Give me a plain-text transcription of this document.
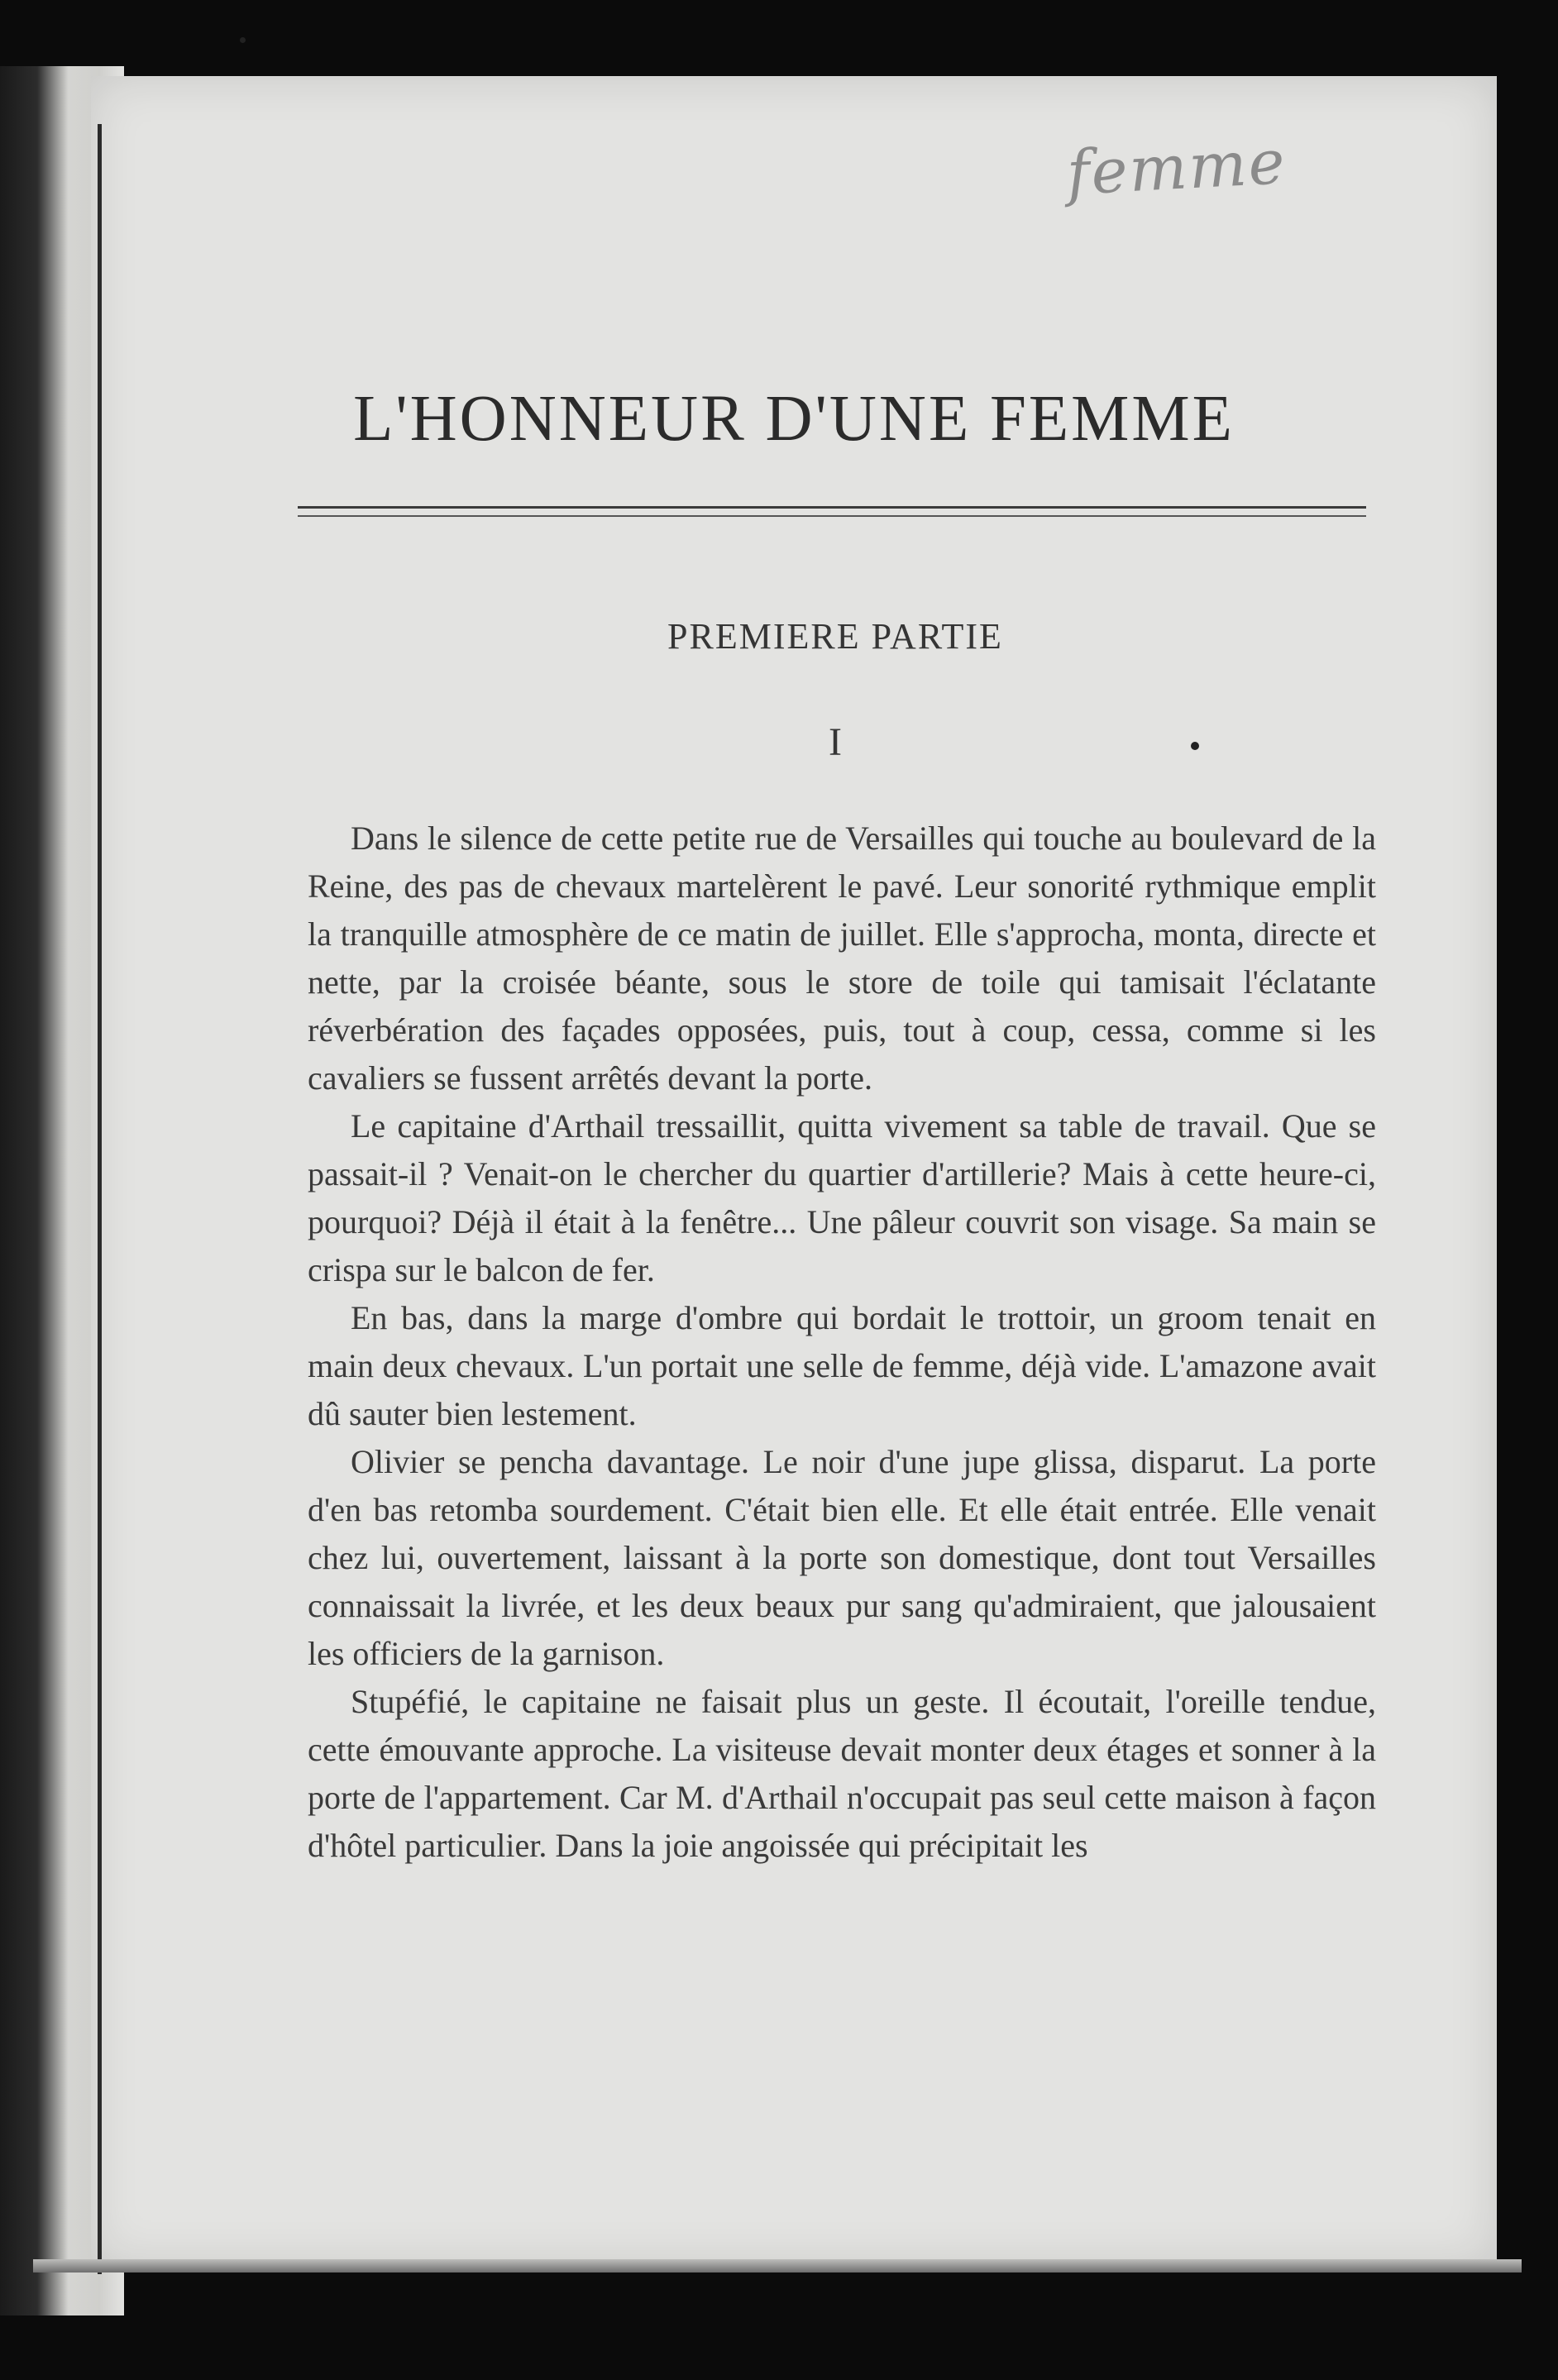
femme
L'HONNEUR D'UNE FEMME
PREMIERE PARTIE
I

Dans le silence de cette petite rue de Versailles qui touche au boulevard de la Reine, des pas de chevaux martelèrent le pavé. Leur sonorité rythmique emplit la tranquille atmosphère de ce matin de juillet. Elle s'approcha, monta, directe et nette, par la croisée béante, sous le store de toile qui tamisait l'éclatante réverbération des façades opposées, puis, tout à coup, cessa, comme si les cavaliers se fussent arrêtés devant la porte.

Le capitaine d'Arthail tressaillit, quitta vivement sa table de travail. Que se passait-il ? Venait-on le chercher du quartier d'artillerie? Mais à cette heure-ci, pourquoi? Déjà il était à la fenêtre... Une pâleur couvrit son visage. Sa main se crispa sur le balcon de fer.

En bas, dans la marge d'ombre qui bordait le trottoir, un groom tenait en main deux chevaux. L'un portait une selle de femme, déjà vide. L'amazone avait dû sauter bien lestement.

Olivier se pencha davantage. Le noir d'une jupe glissa, disparut. La porte d'en bas retomba sourdement. C'était bien elle. Et elle était entrée. Elle venait chez lui, ouvertement, laissant à la porte son domestique, dont tout Versailles connaissait la livrée, et les deux beaux pur sang qu'admiraient, que jalousaient les officiers de la garnison.

Stupéfié, le capitaine ne faisait plus un geste. Il écoutait, l'oreille tendue, cette émouvante approche. La visiteuse devait monter deux étages et sonner à la porte de l'appartement. Car M. d'Arthail n'occupait pas seul cette maison à façon d'hôtel particulier. Dans la joie angoissée qui précipitait les
